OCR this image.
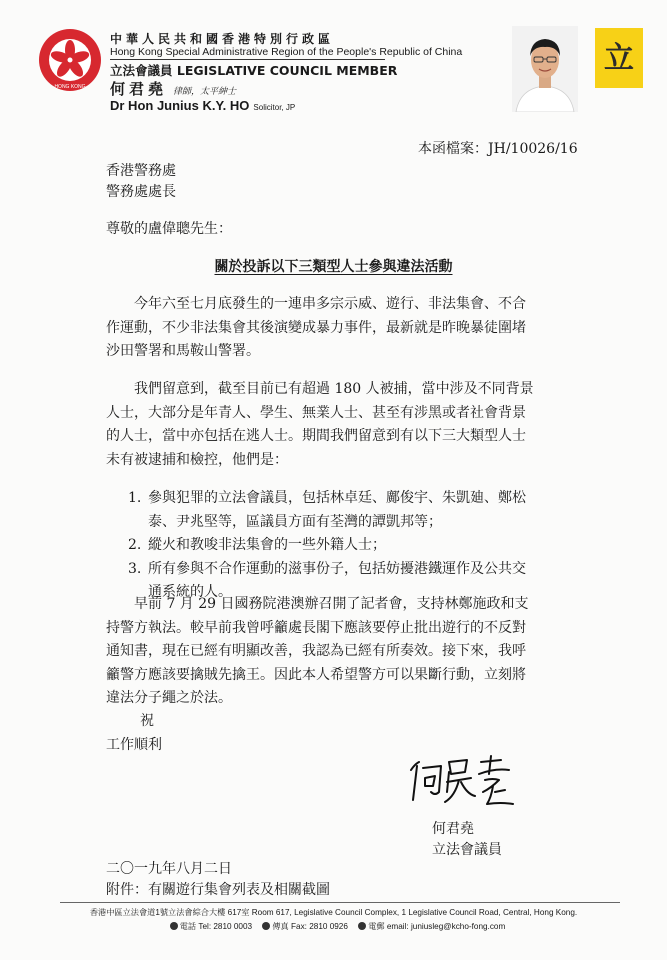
HONG KONG
中華人民共和國香港特別行政區
Hong Kong Special Administrative Region of the People's Republic of China
立法會議員 LEGISLATIVE COUNCIL MEMBER
何君堯 律師，太平紳士
Dr Hon Junius K.Y. HO Solicitor, JP
立
本函檔案：JH/10026/16
香港警務處
警務處處長
尊敬的盧偉聰先生：
關於投訴以下三類型人士參與違法活動
　　今年六至七月底發生的一連串多宗示威、遊行、非法集會、不合
作運動，不少非法集會其後演變成暴力事件，最新就是昨晚暴徒圍堵
沙田警署和馬鞍山警署。
　　我們留意到，截至目前已有超過 180 人被捕，當中涉及不同背景
人士，大部分是年青人、學生、無業人士、甚至有涉黑或者社會背景
的人士，當中亦包括在逃人士。期間我們留意到有以下三大類型人士
未有被逮捕和檢控，他們是：
1. 參與犯罪的立法會議員，包括林卓廷、鄺俊宇、朱凱廸、鄭松
泰、尹兆堅等，區議員方面有荃灣的譚凱邦等；
2. 縱火和教唆非法集會的一些外籍人士；
3. 所有參與不合作運動的滋事份子，包括妨擾港鐵運作及公共交
通系統的人。
　　早前 7 月 29 日國務院港澳辦召開了記者會，支持林鄭施政和支
持警方執法。較早前我曾呼籲處長閣下應該要停止批出遊行的不反對
通知書，現在已經有明顯改善，我認為已經有所奏效。接下來，我呼
籲警方應該要擒賊先擒王。因此本人希望警方可以果斷行動，立刻將
違法分子繩之於法。
祝
工作順利
何君堯
立法會議員
二〇一九年八月二日
附件：有關遊行集會列表及相關截圖
香港中區立法會道1號立法會綜合大樓 617室 Room 617, Legislative Council Complex, 1 Legislative Council Road, Central, Hong Kong.
電話 Tel: 2810 0003 傳真 Fax: 2810 0926 電郵 email: juniusleg@kcho-fong.com
